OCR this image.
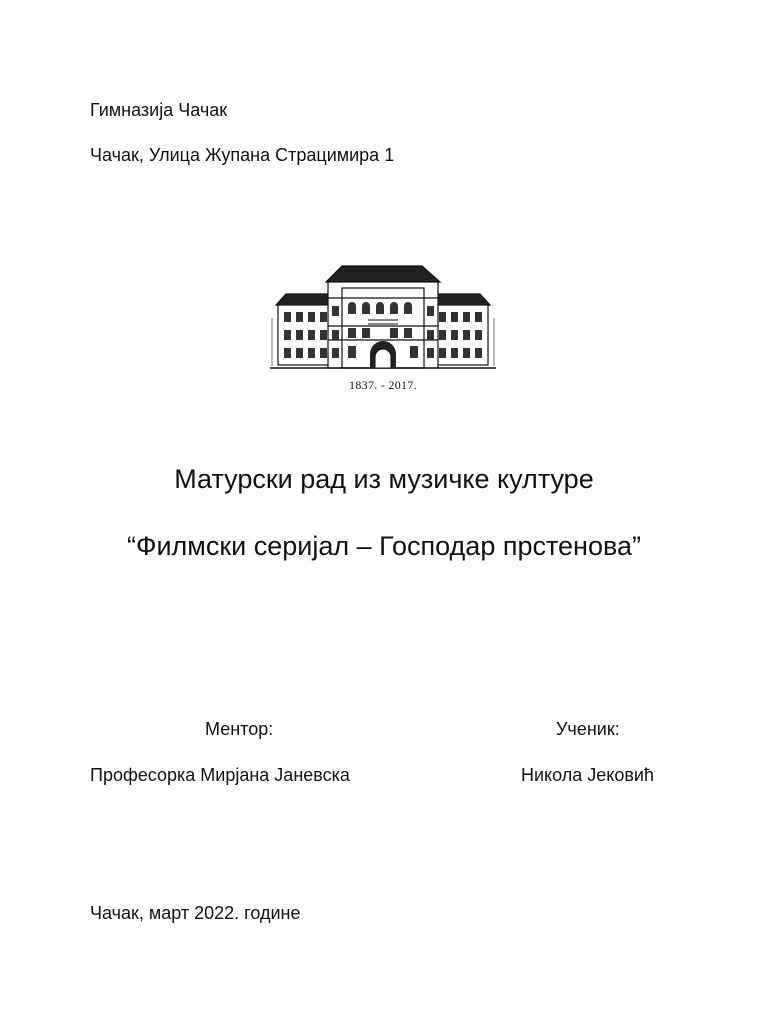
Гимназија Чачак
Чачак, Улица Жупана Страцимира 1
1837. - 2017.
Матурски рад из музичке културе
“Филмски серијал – Господар прстенова”
Ментор:	Ученик:
Професорка Мирјана Јаневска	Никола Јековић
Чачак, март 2022. године
